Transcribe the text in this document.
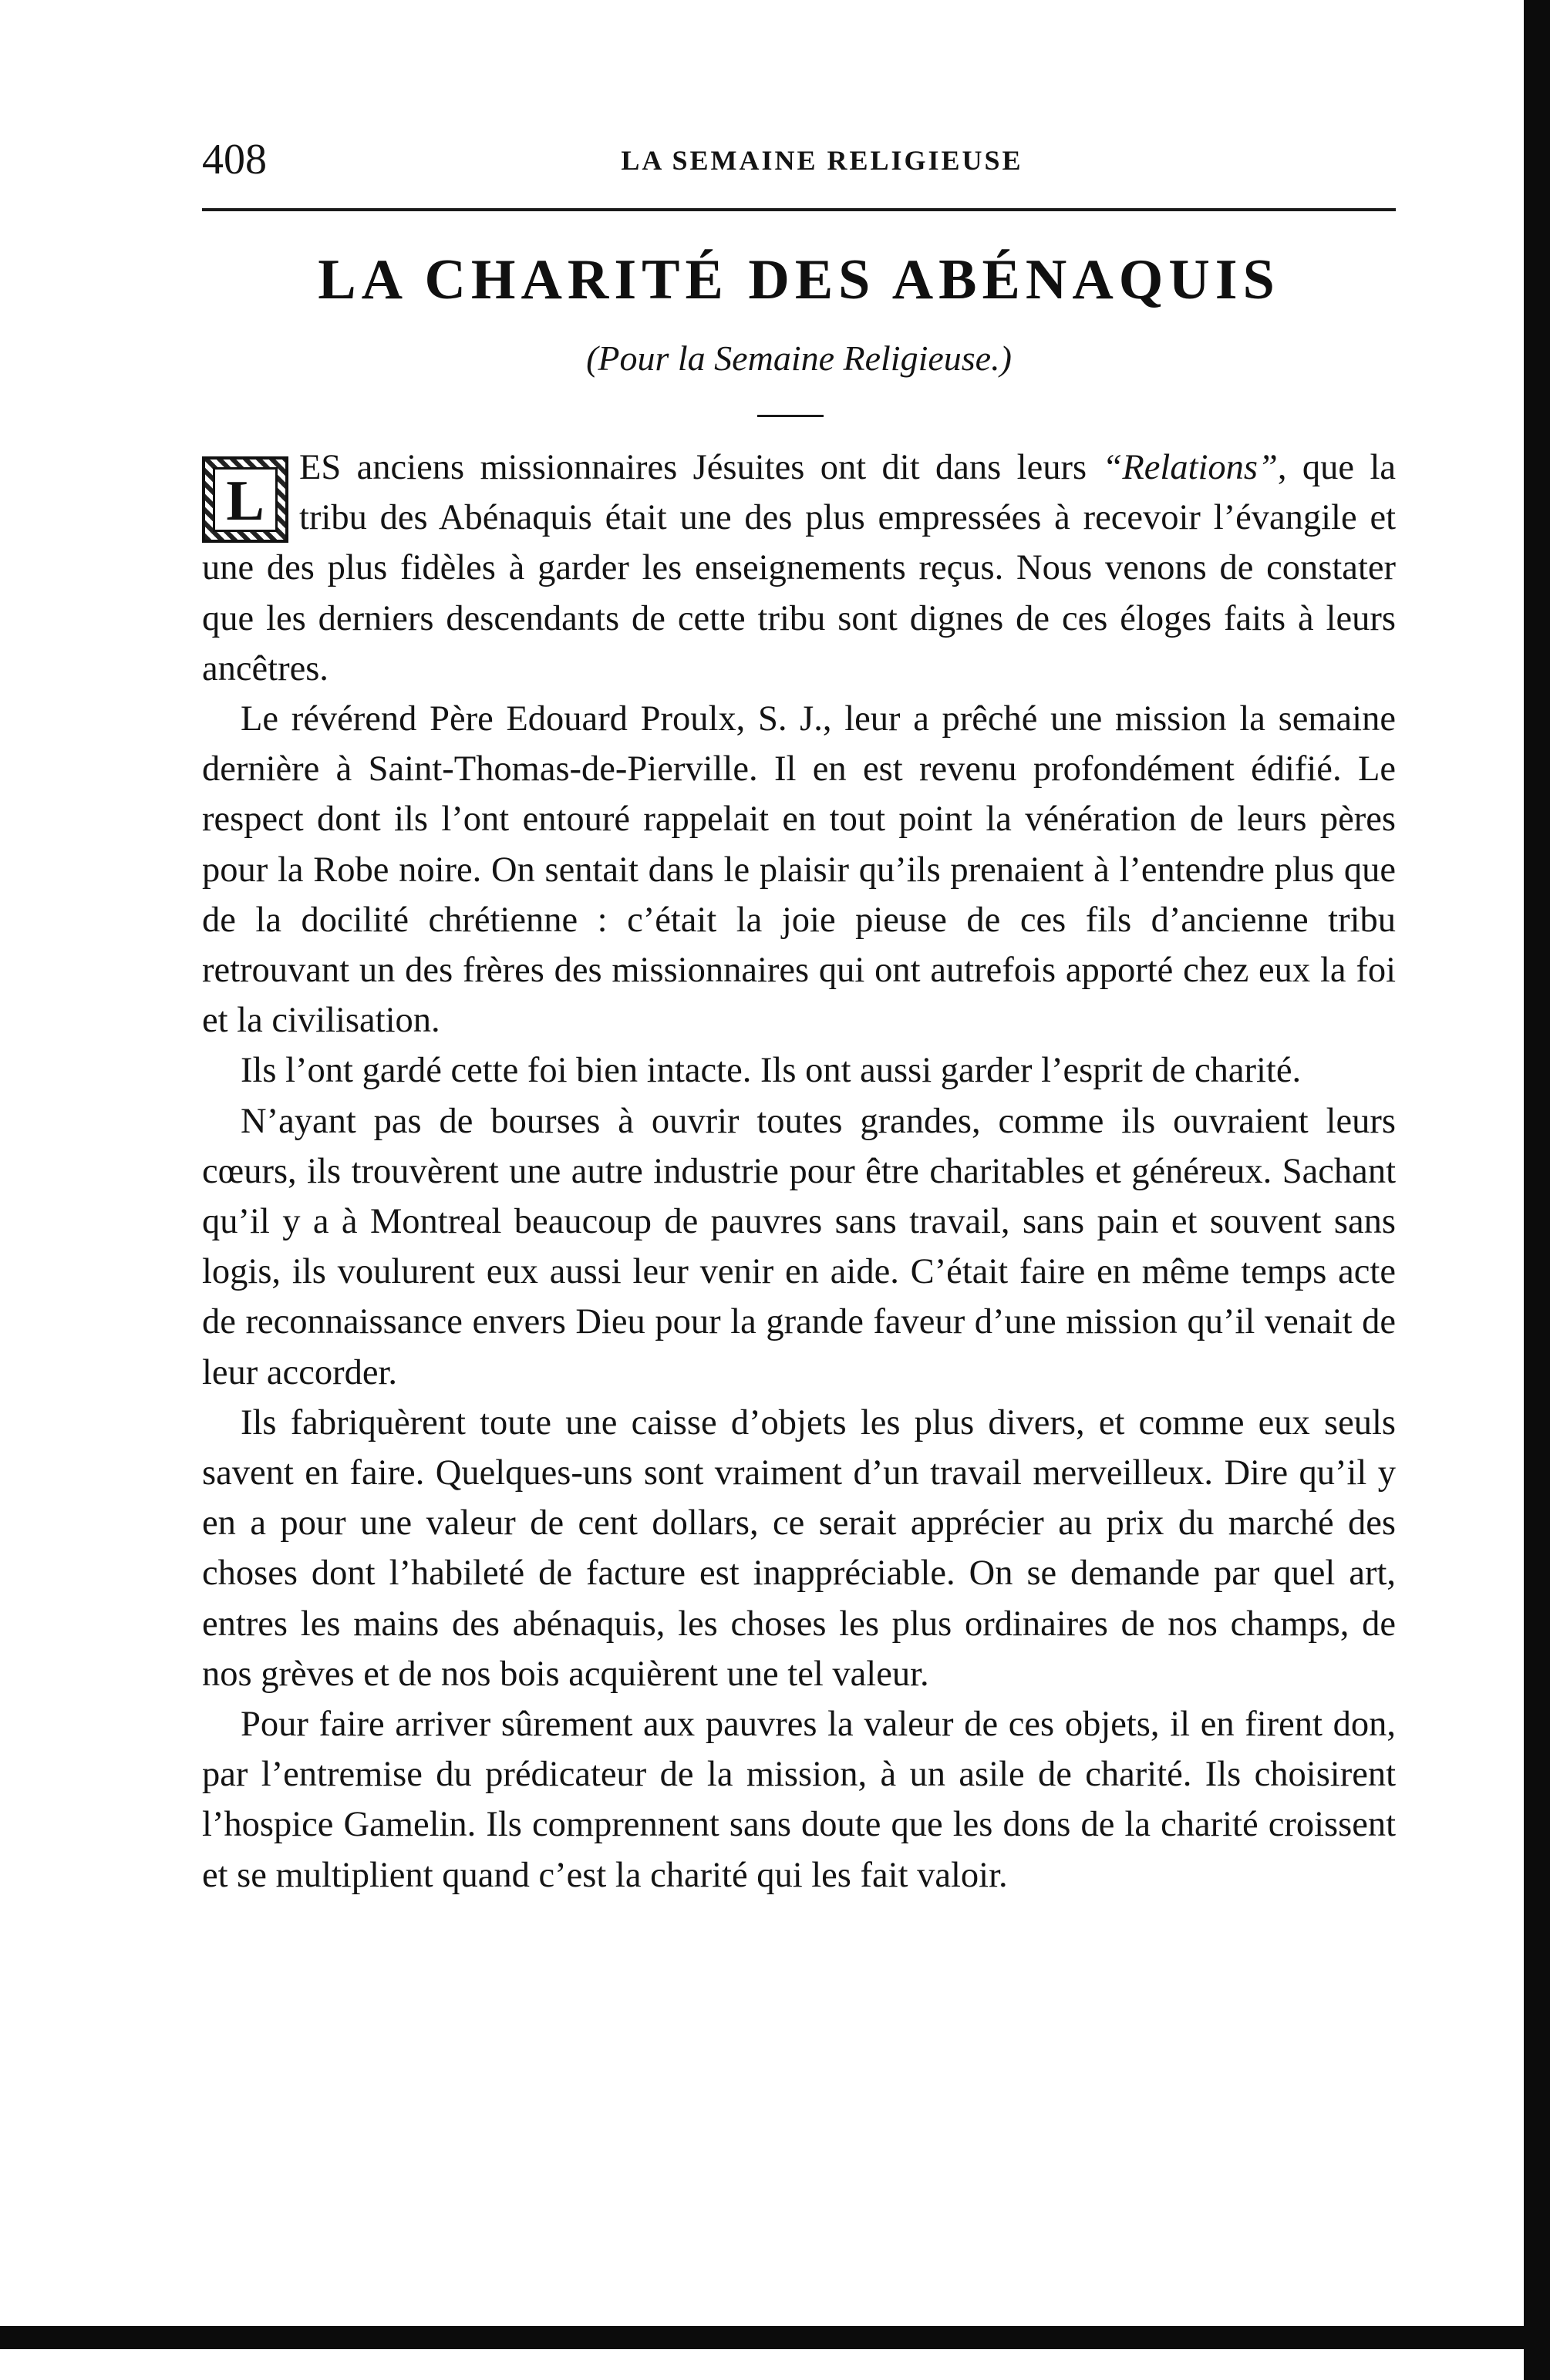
408	LA SEMAINE RELIGIEUSE
LA CHARITÉ DES ABÉNAQUIS
(Pour la Semaine Religieuse.)

L
ES anciens missionnaires Jésuites ont dit dans leurs “Relations”, que la tribu des Abénaquis était une des plus empressées à recevoir l’évangile et une des plus fidèles à garder les enseignements reçus. Nous venons de constater que les derniers descendants de cette tribu sont dignes de ces éloges faits à leurs ancêtres.

Le révérend Père Edouard Proulx, S. J., leur a prêché une mission la semaine dernière à Saint-Thomas-de-Pierville. Il en est revenu profondément édifié. Le respect dont ils l’ont entouré rappelait en tout point la vénération de leurs pères pour la Robe noire. On sentait dans le plaisir qu’ils prenaient à l’entendre plus que de la docilité chrétienne : c’était la joie pieuse de ces fils d’ancienne tribu retrouvant un des frères des missionnaires qui ont autrefois apporté chez eux la foi et la civilisation.

Ils l’ont gardé cette foi bien intacte. Ils ont aussi garder l’esprit de charité.

N’ayant pas de bourses à ouvrir toutes grandes, comme ils ouvraient leurs cœurs, ils trouvèrent une autre industrie pour être charitables et généreux. Sachant qu’il y a à Montreal beaucoup de pauvres sans travail, sans pain et souvent sans logis, ils voulurent eux aussi leur venir en aide. C’était faire en même temps acte de reconnaissance envers Dieu pour la grande faveur d’une mission qu’il venait de leur accorder.

Ils fabriquèrent toute une caisse d’objets les plus divers, et comme eux seuls savent en faire. Quelques-uns sont vraiment d’un travail merveilleux. Dire qu’il y en a pour une valeur de cent dollars, ce serait apprécier au prix du marché des choses dont l’habileté de facture est inappréciable. On se demande par quel art, entres les mains des abénaquis, les choses les plus ordinaires de nos champs, de nos grèves et de nos bois acquièrent une tel valeur.

Pour faire arriver sûrement aux pauvres la valeur de ces objets, il en firent don, par l’entremise du prédicateur de la mission, à un asile de charité. Ils choisirent l’hospice Gamelin. Ils comprennent sans doute que les dons de la charité croissent et se multiplient quand c’est la charité qui les fait valoir.
